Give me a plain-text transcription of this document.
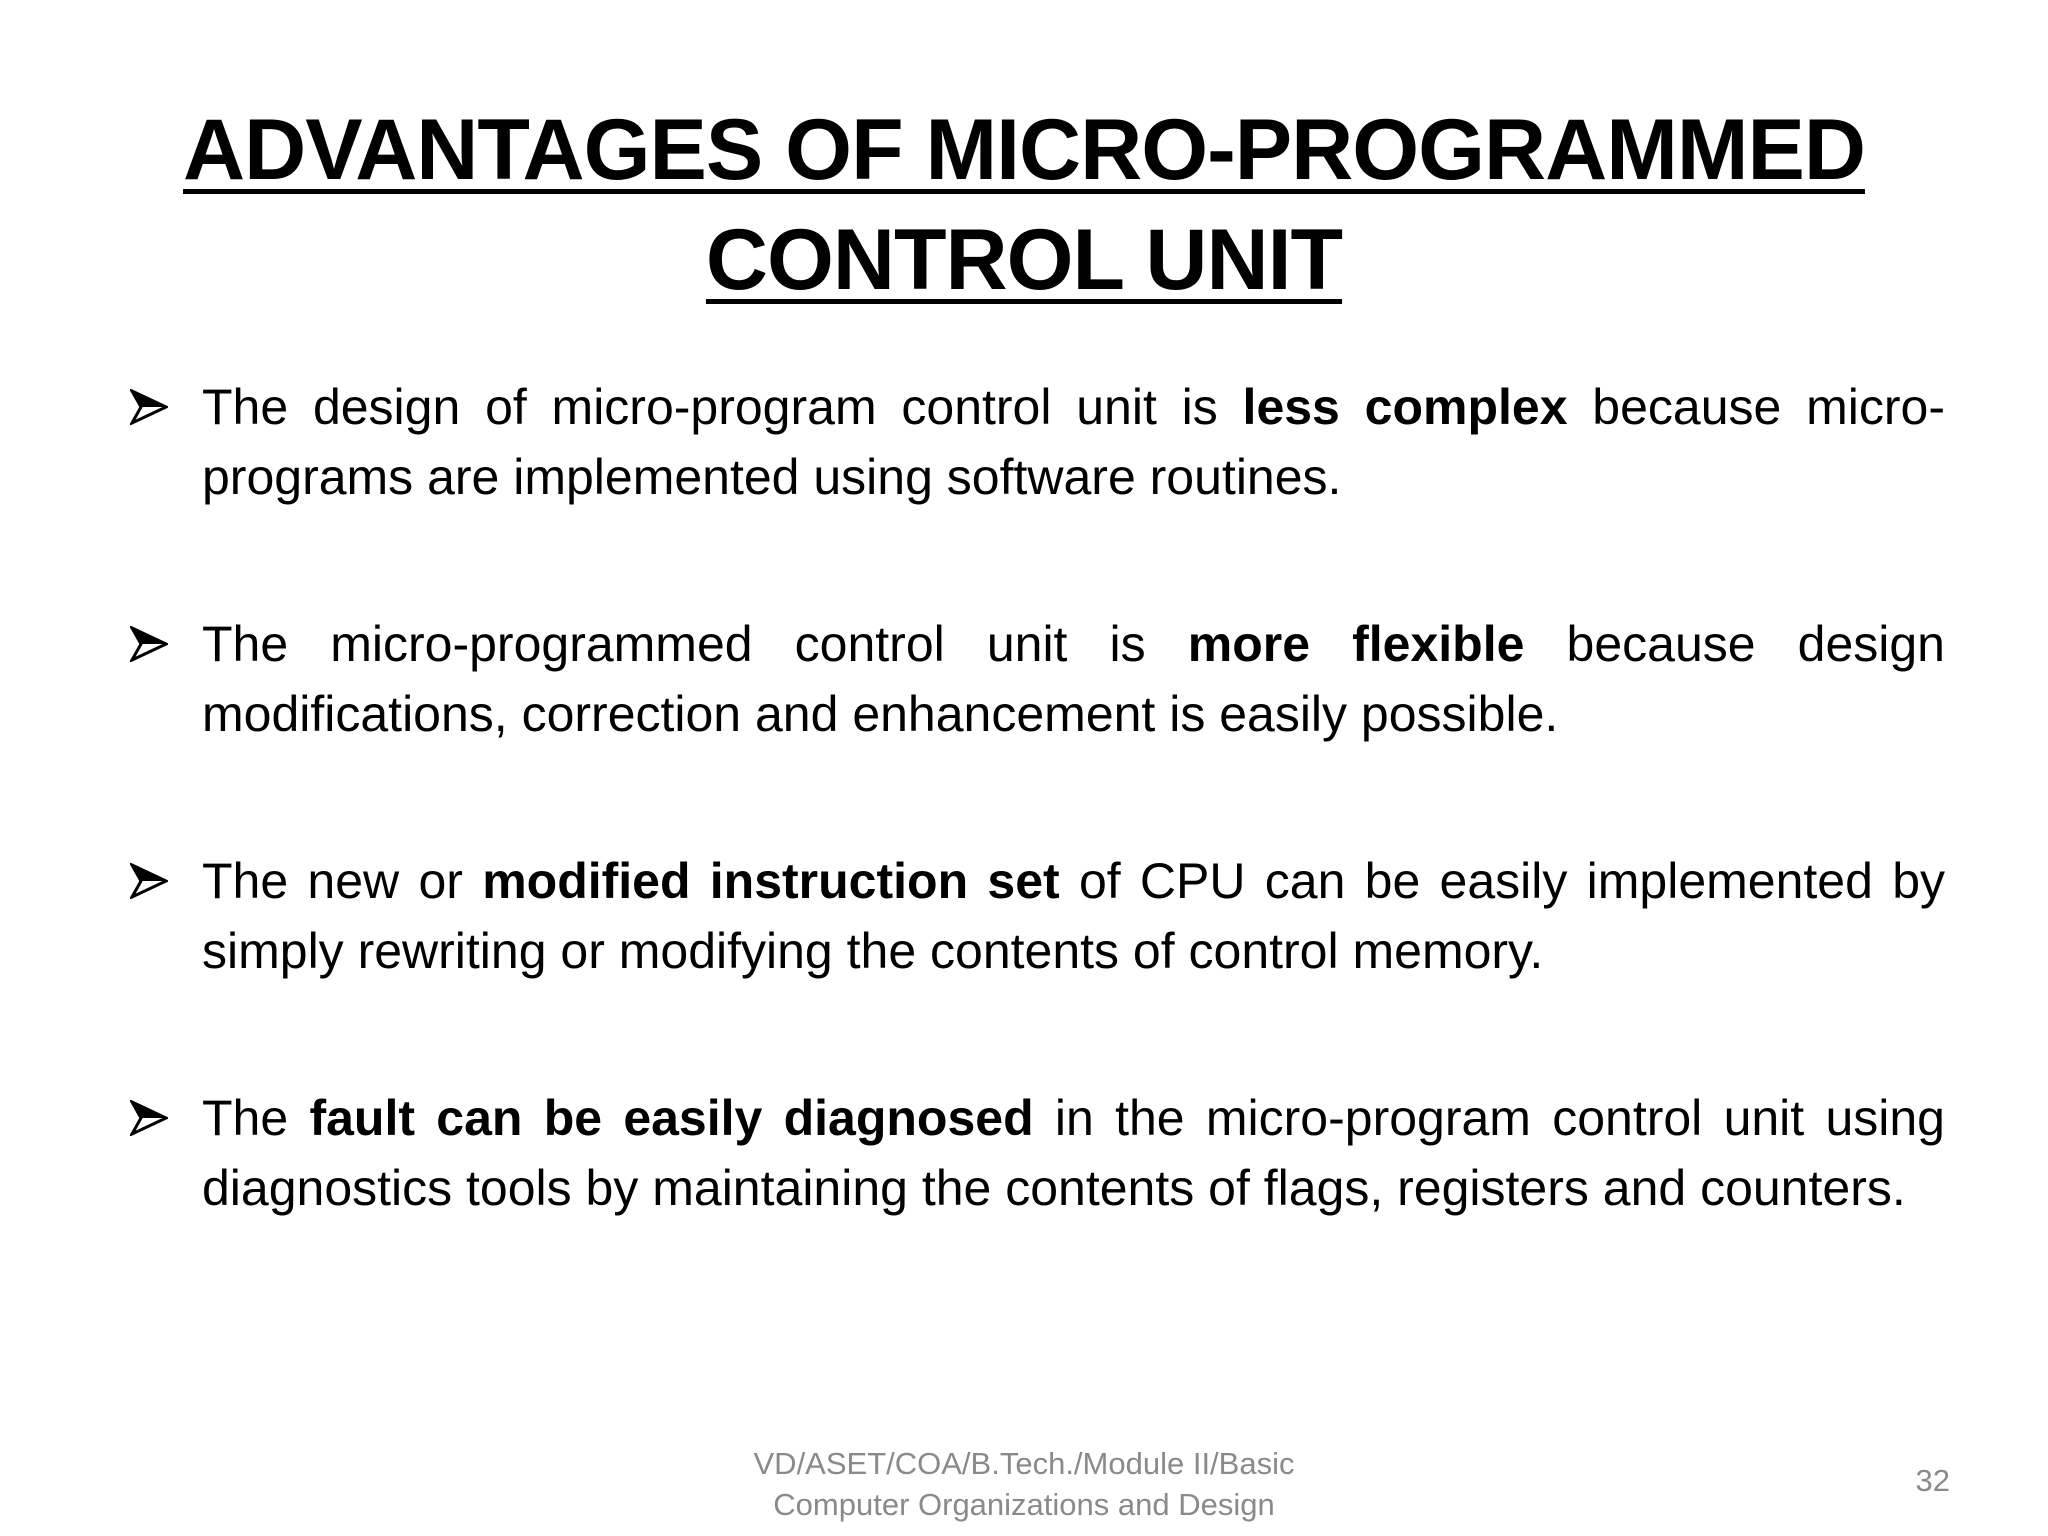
ADVANTAGES OF MICRO-PROGRAMMED
CONTROL UNIT
The design of micro-program control unit is less complex because micro-programs are implemented using software routines.
The micro-programmed control unit is more flexible because design modifications, correction and enhancement is easily possible.
The new or modified instruction set of CPU can be easily implemented by simply rewriting or modifying the contents of control memory.
The fault can be easily diagnosed in the micro-program control unit using diagnostics tools by maintaining the contents of flags, registers and counters.
VD/ASET/COA/B.Tech./Module II/Basic
Computer Organizations and Design
32
